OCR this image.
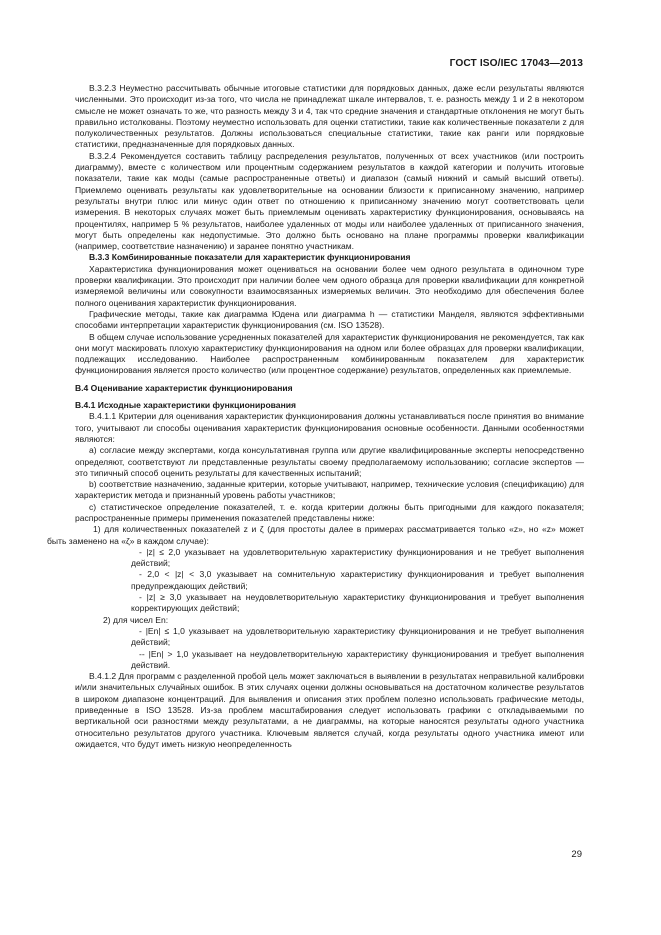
ГОСТ ISO/IEC 17043—2013

В.3.2.3 Неуместно рассчитывать обычные итоговые статистики для порядковых данных, даже если результаты являются численными. Это происходит из-за того, что числа не принадлежат шкале интервалов, т. е. разность между 1 и 2 в некотором смысле не может означать то же, что разность между 3 и 4, так что средние значения и стандартные отклонения не могут быть правильно истолкованы. Поэтому неуместно использовать для оценки статистики, такие как количественные показатели z для полуколичественных результатов. Должны использоваться специальные статистики, такие как ранги или порядковые статистики, предназначенные для порядковых данных.

В.3.2.4 Рекомендуется составить таблицу распределения результатов, полученных от всех участников (или построить диаграмму), вместе с количеством или процентным содержанием результатов в каждой категории и получить итоговые показатели, такие как моды (самые распространенные ответы) и диапазон (самый нижний и самый высший ответы). Приемлемо оценивать результаты как удовлетворительные на основании близости к приписанному значению, например результаты внутри плюс или минус один ответ по отношению к приписанному значению могут соответствовать цели измерения. В некоторых случаях может быть приемлемым оценивать характеристику функционирования, основываясь на процентилях, например 5 % результатов, наиболее удаленных от моды или наиболее удаленных от приписанного значения, могут быть определены как недопустимые. Это должно быть основано на плане программы проверки квалификации (например, соответствие назначению) и заранее понятно участникам.

В.3.3 Комбинированные показатели для характеристик функционирования

Характеристика функционирования может оцениваться на основании более чем одного результата в одиночном туре проверки квалификации. Это происходит при наличии более чем одного образца для проверки квалификации для конкретной измеряемой величины или совокупности взаимосвязанных измеряемых величин. Это необходимо для обеспечения более полного оценивания характеристик функционирования.

Графические методы, такие как диаграмма Юдена или диаграмма h — статистики Манделя, являются эффективными способами интерпретации характеристик функционирования (см. ISO 13528).

В общем случае использование усредненных показателей для характеристик функционирования не рекомендуется, так как они могут маскировать плохую характеристику функционирования на одном или более образцах для проверки квалификации, подлежащих исследованию. Наиболее распространенным комбинированным показателем для характеристик функционирования является просто количество (или процентное содержание) результатов, определенных как приемлемые.

В.4 Оценивание характеристик функционирования
В.4.1 Исходные характеристики функционирования

В.4.1.1 Критерии для оценивания характеристик функционирования должны устанавливаться после принятия во внимание того, учитывают ли способы оценивания характеристик функционирования основные особенности. Данными особенностями являются:

a) согласие между экспертами, когда консультативная группа или другие квалифицированные эксперты непосредственно определяют, соответствуют ли представленные результаты своему предполагаемому использованию; согласие экспертов — это типичный способ оценить результаты для качественных испытаний;

b) соответствие назначению, заданные критерии, которые учитывают, например, технические условия (спецификацию) для характеристик метода и признанный уровень работы участников;

c) статистическое определение показателей, т. е. когда критерии должны быть пригодными для каждого показателя; распространенные примеры применения показателей представлены ниже:

1) для количественных показателей z и ζ (для простоты далее в примерах рассматривается только «z», но «z» может быть заменено на «ζ» в каждом случае):

- |z| ≤ 2,0 указывает на удовлетворительную характеристику функционирования и не требует выполнения действий;

- 2,0 < |z| < 3,0 указывает на сомнительную характеристику функционирования и требует выполнения предупреждающих действий;

- |z| ≥ 3,0 указывает на неудовлетворительную характеристику функционирования и требует выполнения корректирующих действий;

2) для чисел En:

- |En| ≤ 1,0 указывает на удовлетворительную характеристику функционирования и не требует выполнения действий;

-- |En| > 1,0 указывает на неудовлетворительную характеристику функционирования и требует выполнения действий.

В.4.1.2 Для программ с разделенной пробой цель может заключаться в выявлении в результатах неправильной калибровки и/или значительных случайных ошибок. В этих случаях оценки должны основываться на достаточном количестве результатов в широком диапазоне концентраций. Для выявления и описания этих проблем полезно использовать графические методы, приведенные в ISO 13528. Из-за проблем масштабирования следует использовать графики с откладываемыми по вертикальной оси разностями между результатами, а не диаграммы, на которые наносятся результаты одного участника относительно результатов другого участника. Ключевым является случай, когда результаты одного участника имеют или ожидается, что будут иметь низкую неопределенность

29
